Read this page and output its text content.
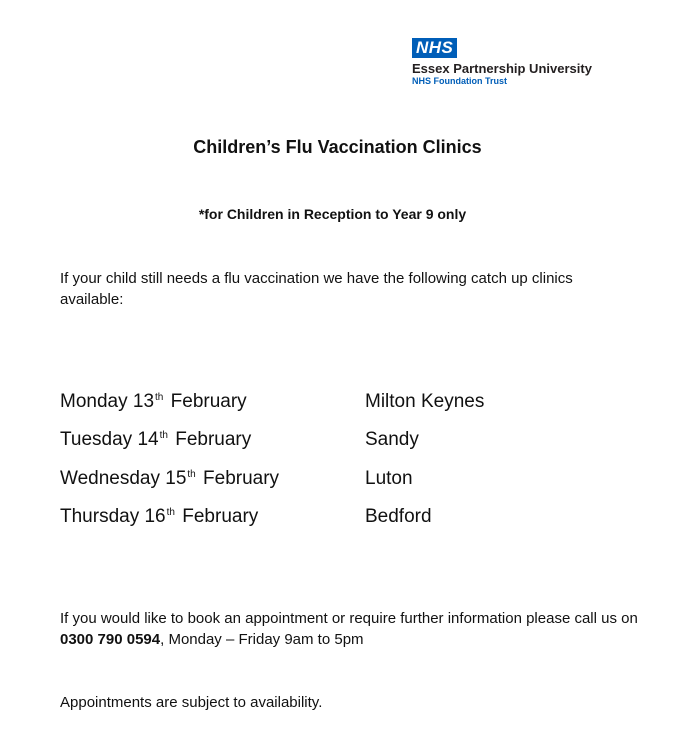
NHS
Essex Partnership University
NHS Foundation Trust
Children’s Flu Vaccination Clinics
*for Children in Reception to Year 9 only
If your child still needs a flu vaccination we have the following catch up clinics available:
Monday 13th February	Milton Keynes
Tuesday 14th February	Sandy
Wednesday 15th February	Luton
Thursday 16th February	Bedford
If you would like to book an appointment or require further information please call us on 0300 790 0594, Monday – Friday 9am to 5pm
Appointments are subject to availability.
